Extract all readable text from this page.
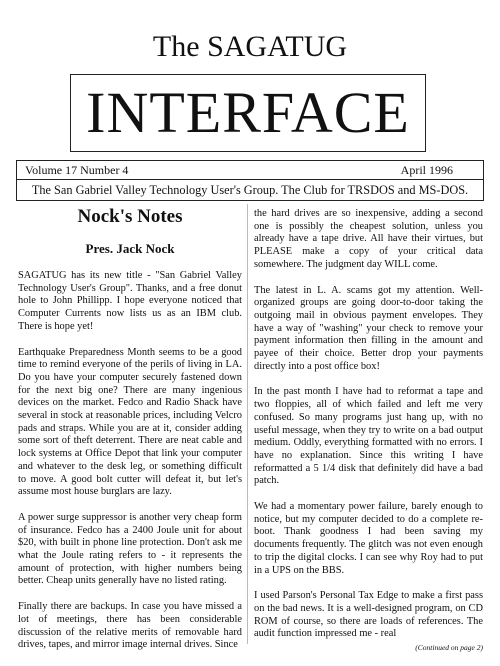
The SAGATUG
INTERFACE
Volume 17 Number 4	April 1996
The San Gabriel Valley Technology User's Group. The Club for TRSDOS and MS-DOS.

Nock's Notes

Pres. Jack Nock

SAGATUG has its new title - "San Gabriel Valley Technology User's Group". Thanks, and a free donut hole to John Phillipp. I hope everyone noticed that Computer Currents now lists us as an IBM club. There is hope yet!

Earthquake Preparedness Month seems to be a good time to remind everyone of the perils of living in LA. Do you have your computer securely fastened down for the next big one? There are many ingenious devices on the market. Fedco and Radio Shack have several in stock at reasonable prices, including Velcro pads and straps. While you are at it, consider adding some sort of theft deterrent. There are neat cable and lock systems at Office Depot that link your computer and whatever to the desk leg, or something difficult to move. A good bolt cutter will defeat it, but let's assume most house burglars are lazy.

A power surge suppressor is another very cheap form of insurance. Fedco has a 2400 Joule unit for about $20, with built in phone line protection. Don't ask me what the Joule rating refers to - it represents the amount of protection, with higher numbers being better. Cheap units generally have no listed rating.

Finally there are backups. In case you have missed a lot of meetings, there has been considerable discussion of the relative merits of removable hard drives, tapes, and mirror image internal drives. Since

the hard drives are so inexpensive, adding a second one is possibly the cheapest solution, unless you already have a tape drive. All have their virtues, but PLEASE make a copy of your critical data somewhere. The judgment day WILL come.

The latest in L. A. scams got my attention. Well-organized groups are going door-to-door taking the outgoing mail in obvious payment envelopes. They have a way of "washing" your check to remove your payment information then filling in the amount and payee of their choice. Better drop your payments directly into a post office box!

In the past month I have had to reformat a tape and two floppies, all of which failed and left me very confused. So many programs just hang up, with no useful message, when they try to write on a bad output medium. Oddly, everything formatted with no errors. I have no explanation. Since this writing I have reformatted a 5 1/4 disk that definitely did have a bad patch.

We had a momentary power failure, barely enough to notice, but my computer decided to do a complete re-boot. Thank goodness I had been saving my documents frequently. The glitch was not even enough to trip the digital clocks. I can see why Roy had to put in a UPS on the BBS.

I used Parson's Personal Tax Edge to make a first pass on the bad news. It is a well-designed program, on CD ROM of course, so there are loads of references. The audit function impressed me - real

(Continued on page 2)
